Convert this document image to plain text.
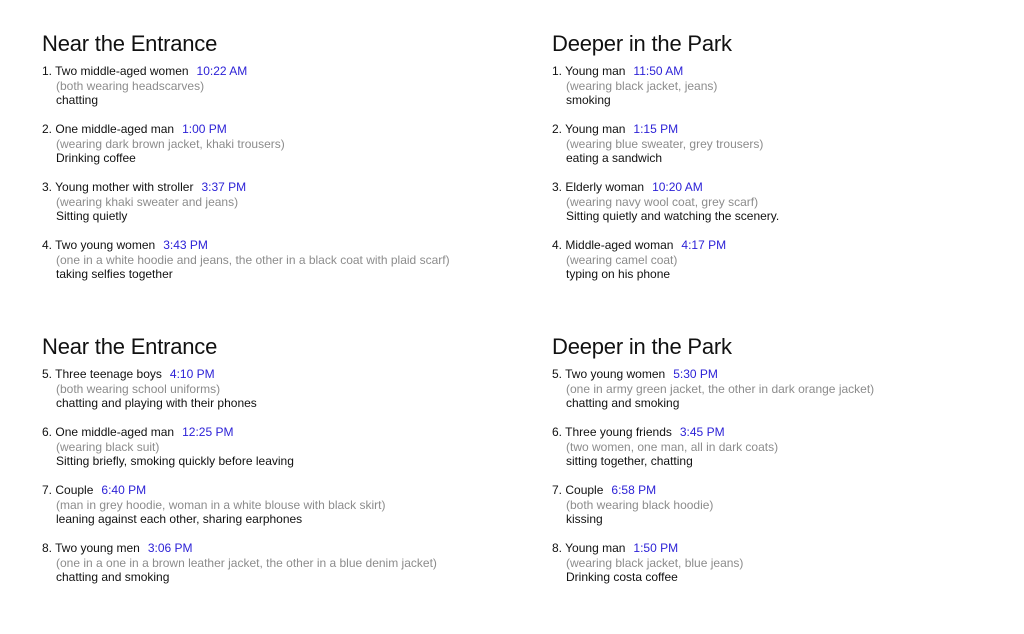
Near the Entrance
1. Two middle-aged women 10:22 AM
(both wearing headscarves)
chatting
2. One middle-aged man 1:00 PM
(wearing dark brown jacket, khaki trousers)
Drinking coffee
3. Young mother with stroller 3:37 PM
(wearing khaki sweater and jeans)
Sitting quietly
4. Two young women 3:43 PM
(one in a white hoodie and jeans, the other in a black coat with plaid scarf)
taking selfies together
Deeper in the Park
1. Young man 11:50 AM
(wearing black jacket, jeans)
smoking
2. Young man 1:15 PM
(wearing blue sweater, grey trousers)
eating a sandwich
3. Elderly woman 10:20 AM
(wearing navy wool coat, grey scarf)
Sitting quietly and watching the scenery.
4. Middle-aged woman 4:17 PM
(wearing camel coat)
typing on his phone
Near the Entrance
5. Three teenage boys 4:10 PM
(both wearing school uniforms)
chatting and playing with their phones
6. One middle-aged man 12:25 PM
(wearing black suit)
Sitting briefly, smoking quickly before leaving
7. Couple 6:40 PM
(man in grey hoodie, woman in a white blouse with black skirt)
leaning against each other, sharing earphones
8. Two young men 3:06 PM
(one in a one in a brown leather jacket, the other in a blue denim jacket)
chatting and smoking
Deeper in the Park
5. Two young women 5:30 PM
(one in army green jacket, the other in dark orange jacket)
chatting and smoking
6. Three young friends 3:45 PM
(two women, one man, all in dark coats)
sitting together, chatting
7. Couple 6:58 PM
(both wearing black hoodie)
kissing
8. Young man 1:50 PM
(wearing black jacket, blue jeans)
Drinking costa coffee
